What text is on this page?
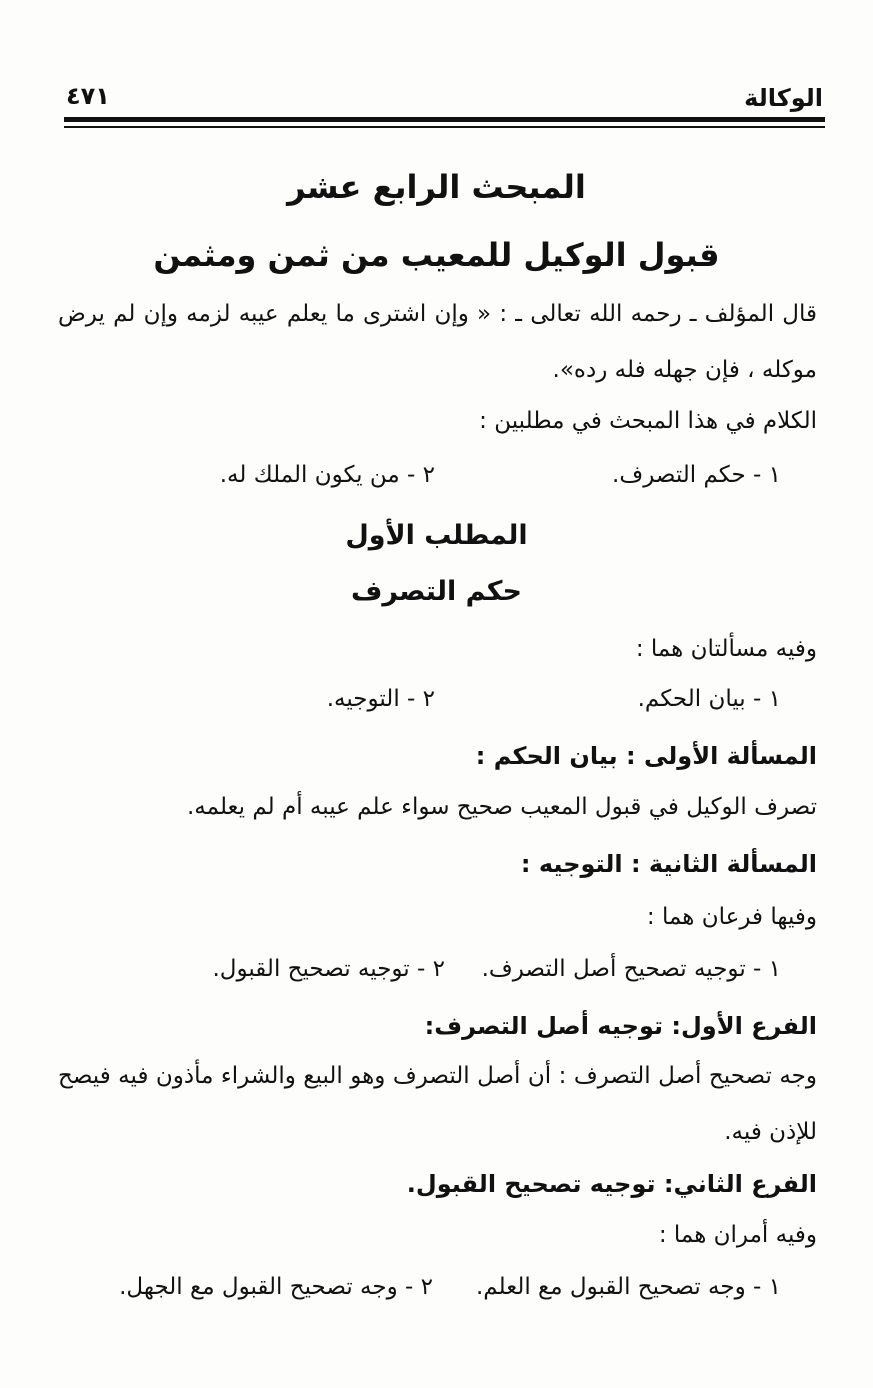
الوكالة
٤٧١
المبحث الرابع عشر
قبول الوكيل للمعيب من ثمن ومثمن
قال المؤلف ـ رحمه الله تعالى ـ : « وإن اشترى ما يعلم عيبه لزمه وإن لم يرض موكله ، فإن جهله فله رده».
الكلام في هذا المبحث في مطلبين :
١ - حكم التصرف.
٢ - من يكون الملك له.
المطلب الأول
حكم التصرف
وفيه مسألتان هما :
١ - بيان الحكم.
٢ - التوجيه.
المسألة الأولى : بيان الحكم :
تصرف الوكيل في قبول المعيب صحيح سواء علم عيبه أم لم يعلمه.
المسألة الثانية : التوجيه :
وفيها فرعان هما :
١ - توجيه تصحيح أصل التصرف.
٢ - توجيه تصحيح القبول.
الفرع الأول: توجيه أصل التصرف:
وجه تصحيح أصل التصرف : أن أصل التصرف وهو البيع والشراء مأذون فيه فيصح للإذن فيه.
الفرع الثاني: توجيه تصحيح القبول.
وفيه أمران هما :
١ - وجه تصحيح القبول مع العلم.
٢ - وجه تصحيح القبول مع الجهل.
